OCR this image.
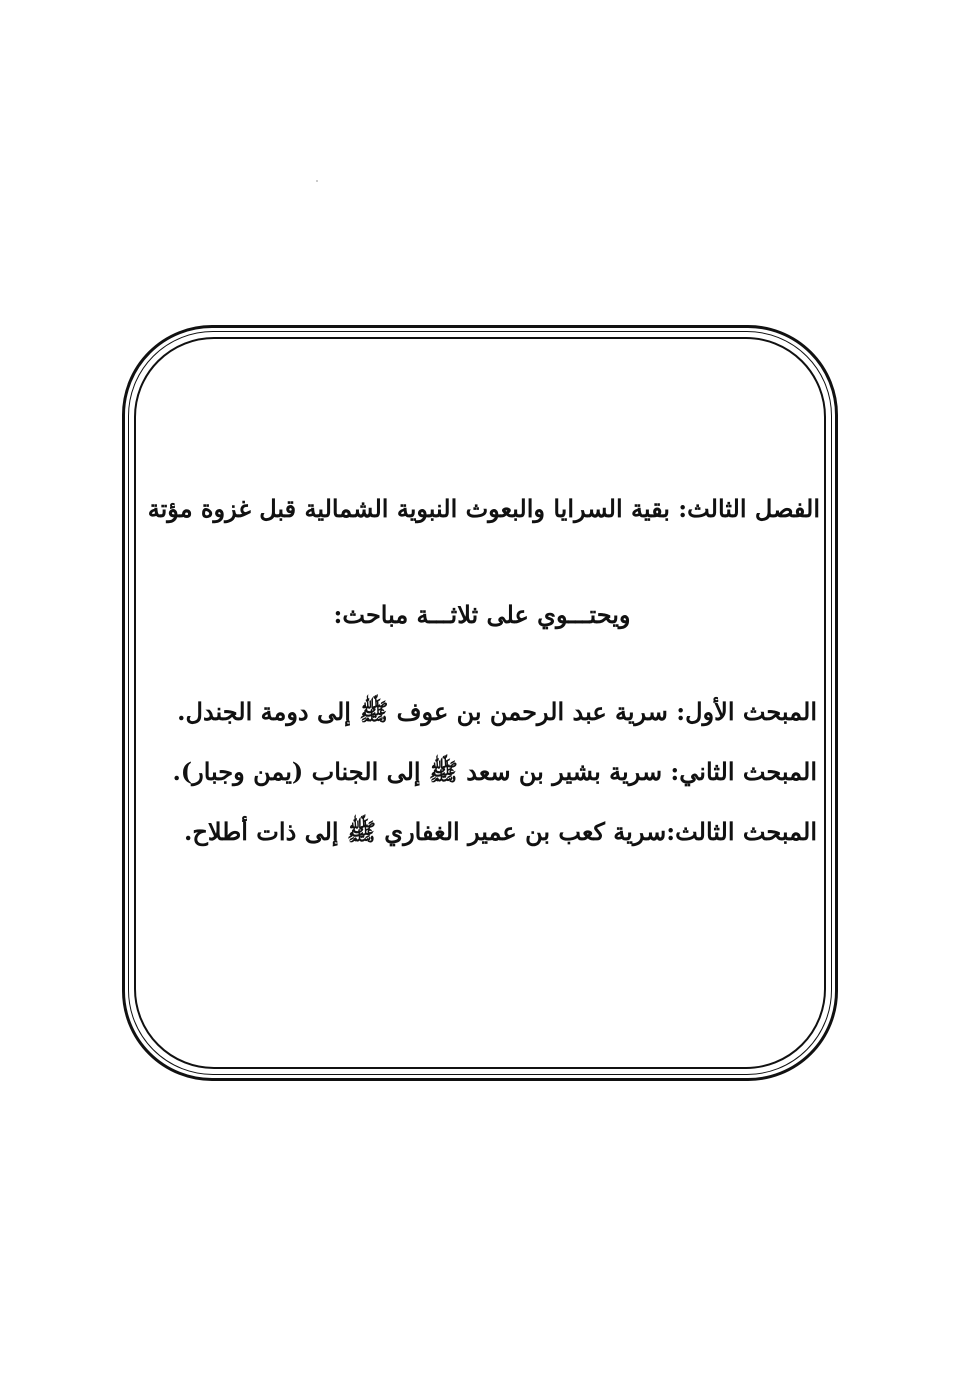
الفصل الثالث: بقية السرايا والبعوث النبوية الشمالية قبل غزوة مؤتة
ويحتـــوي على ثلاثـــة مباحث:
المبحث الأول: سرية عبد الرحمن بن عوف ﷺ إلى دومة الجندل.
المبحث الثاني: سرية بشير بن سعد ﷺ إلى الجناب (يمن وجبار).
المبحث الثالث:سرية كعب بن عمير الغفاري ﷺ إلى ذات أطلاح.
